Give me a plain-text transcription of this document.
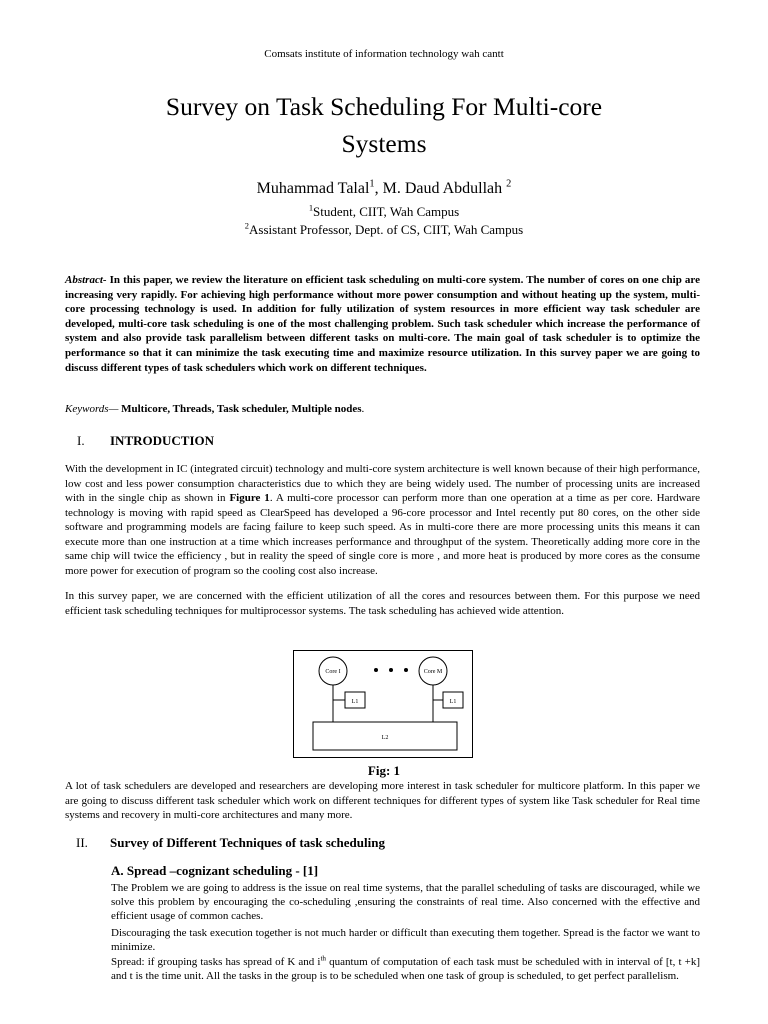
Comsats institute of information technology wah cantt
Survey on Task Scheduling For Multi-core
Systems
Muhammad Talal$^1$, M. Daud Abdullah $^2$
$^1$Student, CIIT, Wah Campus
$^2$Assistant Professor, Dept. of CS, CIIT, Wah Campus
Abstract- In this paper, we review the literature on efficient task scheduling on multi-core system. The number of cores on one chip are increasing very rapidly. For achieving high performance without more power consumption and without heating up the system, multi-core processing technology is used. In addition for fully utilization of system resources in more efficient way task scheduler are developed, multi-core task scheduling is one of the most challenging problem. Such task scheduler which increase the performance of system and also provide task parallelism between different tasks on multi-core. The main goal of task scheduler is to optimize the performance so that it can minimize the task executing time and maximize resource utilization. In this survey paper we are going to discuss different types of task schedulers which work on different techniques.
Keywords— Multicore, Threads, Task scheduler, Multiple nodes.
I. INTRODUCTION
With the development in IC (integrated circuit) technology and multi-core system architecture is well known because of their high performance, low cost and less power consumption characteristics due to which they are being widely used. The number of processing units are increased with in the single chip as shown in Figure 1. A multi-core processor can perform more than one operation at a time as per core. Hardware technology is moving with rapid speed as ClearSpeed has developed a 96-core processor and Intel recently put 80 cores, on the other side software and programming models are facing failure to keep such speed. As in multi-core there are more processing units this means it can execute more than one instruction at a time which increases performance and throughput of the system. Theoretically adding more core in the same chip will twice the efficiency , but in reality the speed of single core is more , and more heat is produced by more cores as the consume more power for execution of program so the cooling cost also increase.
In this survey paper, we are concerned with the efficient utilization of all the cores and resources between them. For this purpose we need efficient task scheduling techniques for multiprocessor systems. The task scheduling has achieved wide attention.
Core I	Core M
L1	L1
L2
Fig: 1
A lot of task schedulers are developed and researchers are developing more interest in task scheduler for multicore platform. In this paper we are going to discuss different task scheduler which work on different techniques for different types of system like Task scheduler for Real time systems and recovery in multi-core architectures and many more.
II. Survey of Different Techniques of task scheduling
A. Spread –cognizant scheduling - [1]
The Problem we are going to address is the issue on real time systems, that the parallel scheduling of tasks are discouraged, while we solve this problem by encouraging the co-scheduling ,ensuring the constraints of real time. Also concerned with the effective and efficient usage of common caches.
Discouraging the task execution together is not much harder or difficult than executing them together. Spread is the factor we want to minimize.
Spread: if grouping tasks has spread of K and $i^{th}$ quantum of computation of each task must be scheduled with in interval of [t, t +k] and t is the time unit. All the tasks in the group is to be scheduled when one task of group is scheduled, to get perfect parallelism.
